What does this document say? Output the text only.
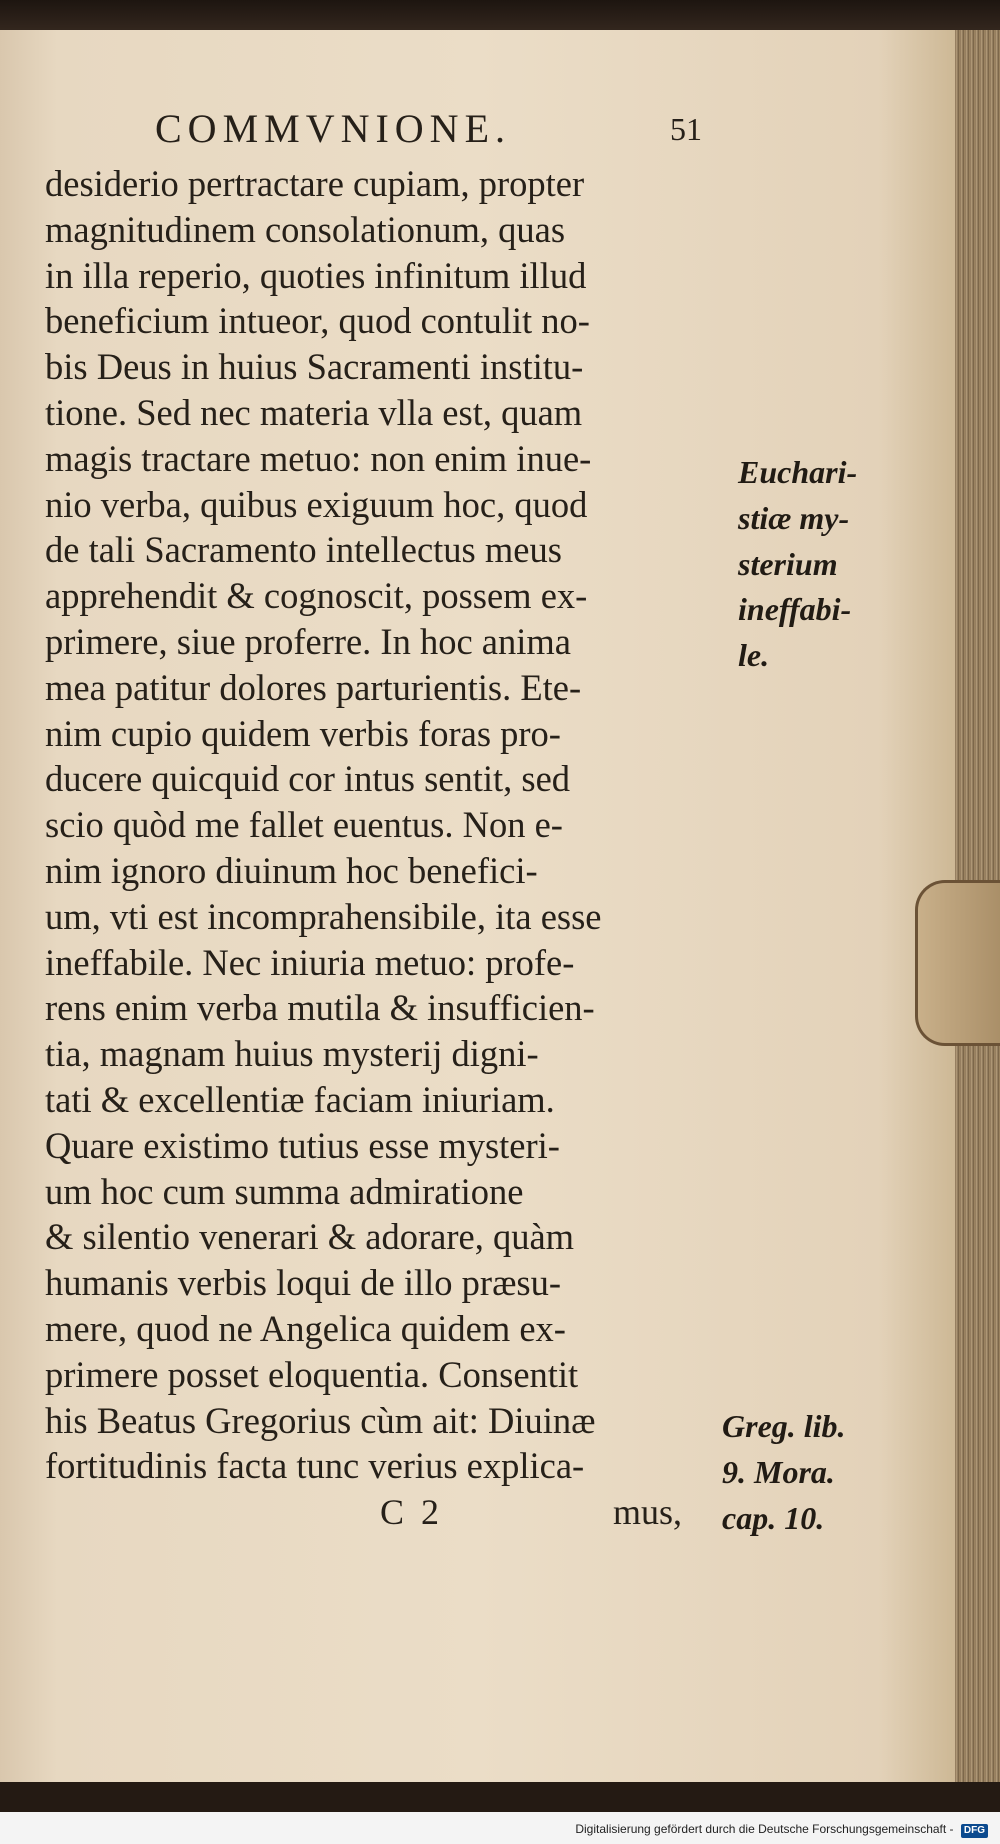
COMMVNIONE.	51
desiderio pertractare cupiam, propter
magnitudinem consolationum, quas
in illa reperio, quoties infinitum illud
beneficium intueor, quod contulit no-
bis Deus in huius Sacramenti institu-
tione. Sed nec materia vlla est, quam
magis tractare metuo: non enim inue-
nio verba, quibus exiguum hoc, quod
de tali Sacramento intellectus meus
apprehendit & cognoscit, possem ex-
primere, siue proferre. In hoc anima
mea patitur dolores parturientis. Ete-
nim cupio quidem verbis foras pro-
ducere quicquid cor intus sentit, sed
scio quòd me fallet euentus. Non e-
nim ignoro diuinum hoc benefici-
um, vti est incomprahensibile, ita esse
ineffabile. Nec iniuria metuo: profe-
rens enim verba mutila & insufficien-
tia, magnam huius mysterij digni-
tati & excellentiæ faciam iniuriam.
Quare existimo tutius esse mysteri-
um hoc cum summa admiratione
& silentio venerari & adorare, quàm
humanis verbis loqui de illo præsu-
mere, quod ne Angelica quidem ex-
primere posset eloquentia. Consentit
his Beatus Gregorius cùm ait: Diuinæ
fortitudinis facta tunc verius explica-
C 2	mus,
Euchari-
stiæ my-
sterium
ineffabi-
le.
Greg. lib.
9. Mora.
cap. 10.
Digitalisierung gefördert durch die Deutsche Forschungsgemeinschaft - DFG
